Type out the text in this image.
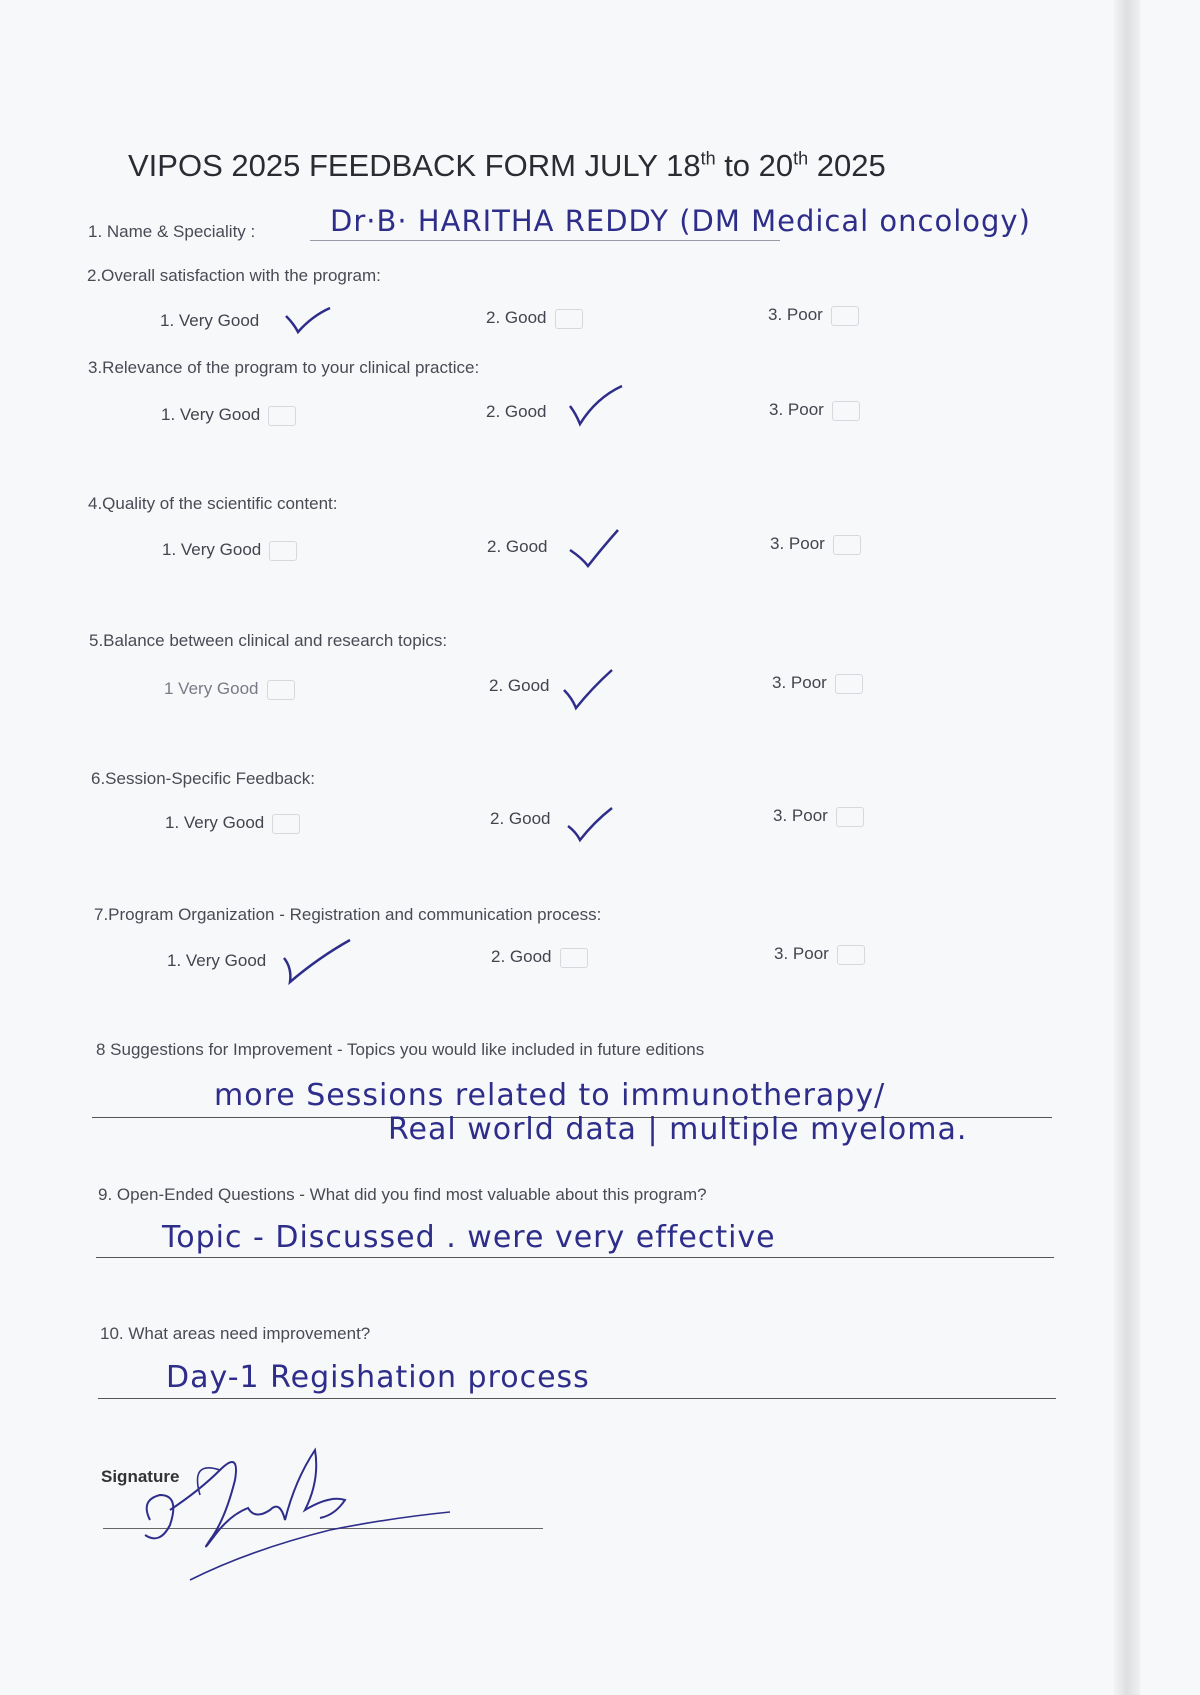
VIPOS 2025 FEEDBACK FORM JULY 18th to 20th 2025
1. Name & Speciality :	Dr·B· HARITHA REDDY (DM Medical oncology)
2.Overall satisfaction with the program:
1. Very Good	2. Good	3. Poor
3.Relevance of the program to your clinical practice:
1. Very Good	2. Good	3. Poor
4.Quality of the scientific content:
1. Very Good	2. Good	3. Poor
5.Balance between clinical and research topics:
1 Very Good	2. Good	3. Poor
6.Session-Specific Feedback:
1. Very Good	2. Good	3. Poor
7.Program Organization - Registration and communication process:
1. Very Good	2. Good	3. Poor
8 Suggestions for Improvement - Topics you would like included in future editions
more Sessions related to immunotherapy/
Real world data | multiple myeloma.
9. Open-Ended Questions - What did you find most valuable about this program?
Topic - Discussed . were very effective
10. What areas need improvement?
Day-1 Regishation process
Signature
